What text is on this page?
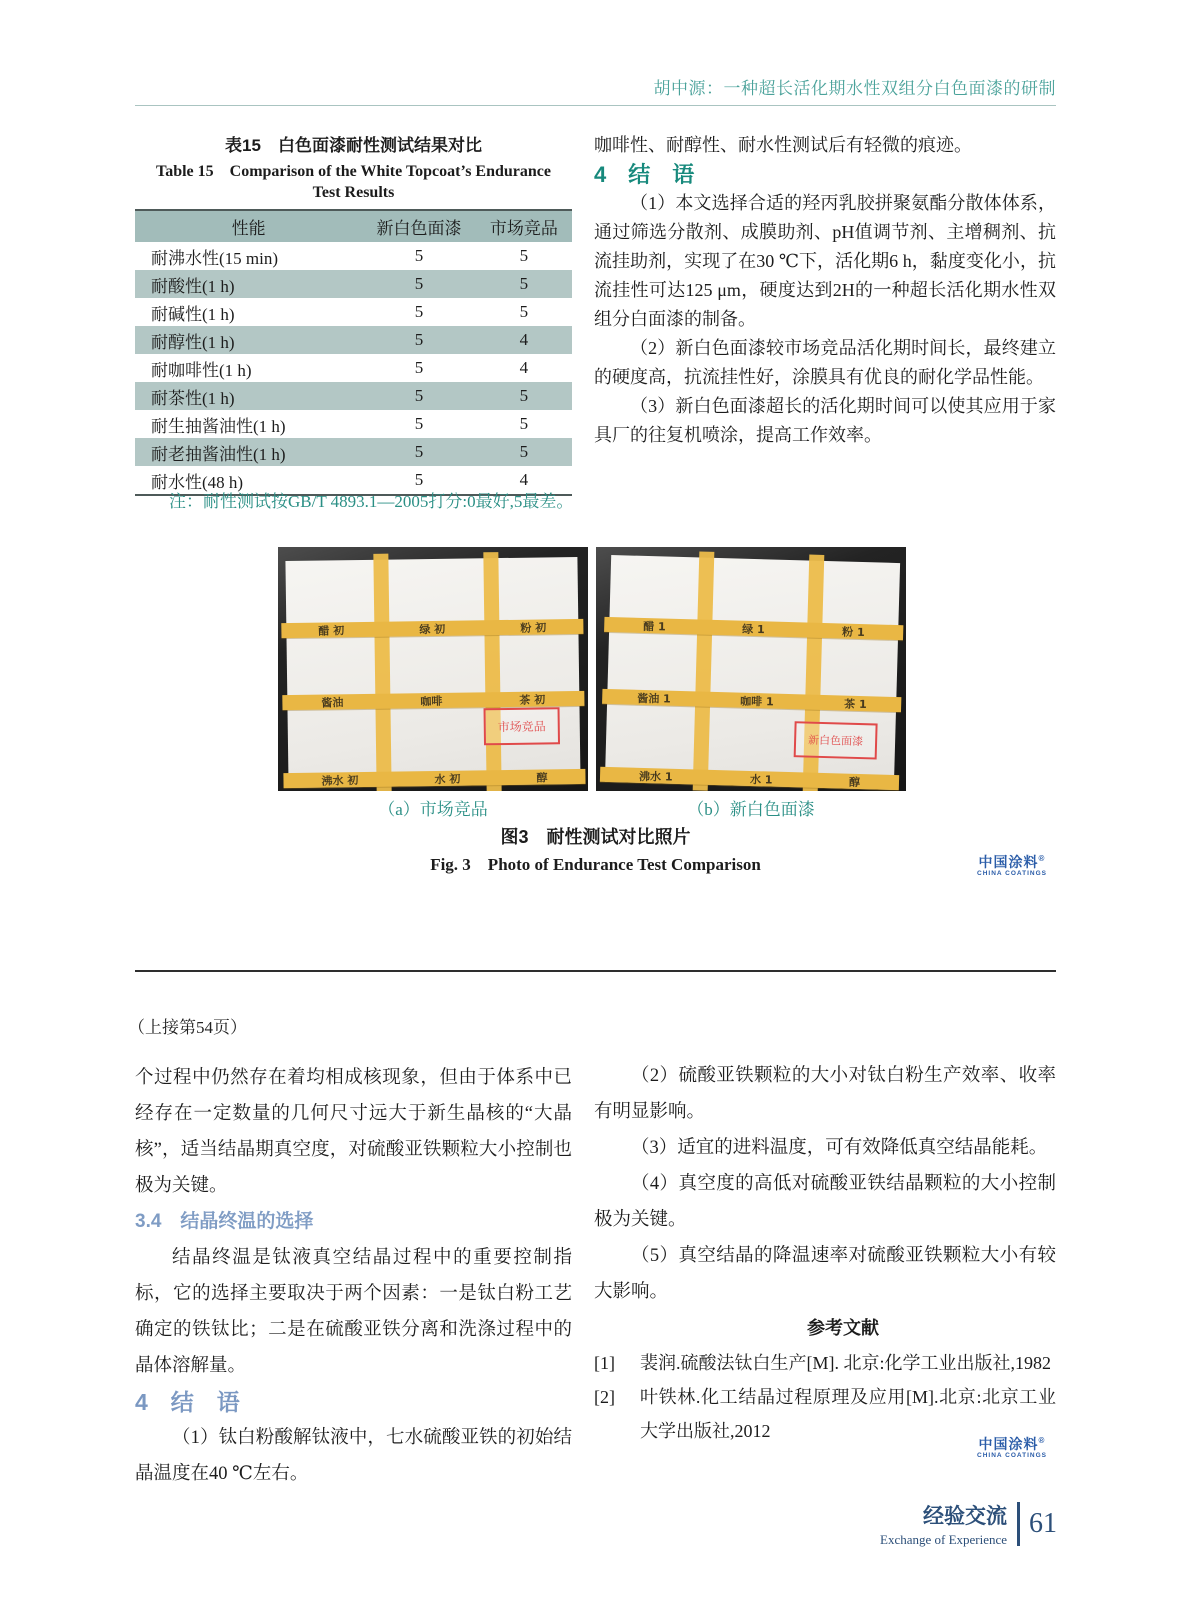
胡中源：一种超长活化期水性双组分白色面漆的研制
表15　白色面漆耐性测试结果对比
Table 15　Comparison of the White Topcoat’s Endurance
Test Results
性能	新白色面漆	市场竞品
耐沸水性(15 min)	5	5
耐酸性(1 h)	5	5
耐碱性(1 h)	5	5
耐醇性(1 h)	5	4
耐咖啡性(1 h)	5	4
耐茶性(1 h)	5	5
耐生抽酱油性(1 h)	5	5
耐老抽酱油性(1 h)	5	5
耐水性(48 h)	5	4
注：耐性测试按GB/T 4893.1—2005打分:0最好,5最差。

咖啡性、耐醇性、耐水性测试后有轻微的痕迹。

4　结　语

（1）本文选择合适的羟丙乳胶拼聚氨酯分散体体系，通过筛选分散剂、成膜助剂、pH值调节剂、主增稠剂、抗流挂助剂，实现了在30 ℃下，活化期6 h，黏度变化小，抗流挂性可达125 μm，硬度达到2H的一种超长活化期水性双组分白面漆的制备。

（2）新白色面漆较市场竞品活化期时间长，最终建立的硬度高，抗流挂性好，涂膜具有优良的耐化学品性能。

（3）新白色面漆超长的活化期时间可以使其应用于家具厂的往复机喷涂，提高工作效率。

醋 初	绿 初	粉 初
酱油	咖啡	茶 初
沸水 初	水 初	醇
市场竞品
醋 1	绿 1	粉 1
酱油 1	咖啡 1	茶 1
沸水 1	水 1	醇
新白色面漆
（a）市场竞品	（b）新白色面漆
图3　耐性测试对比照片
Fig. 3　Photo of Endurance Test Comparison	中国涂料®
CHINA COATINGS
（上接第54页）

个过程中仍然存在着均相成核现象，但由于体系中已经存在一定数量的几何尺寸远大于新生晶核的“大晶核”，适当结晶期真空度，对硫酸亚铁颗粒大小控制也极为关键。

3.4　结晶终温的选择

结晶终温是钛液真空结晶过程中的重要控制指标，它的选择主要取决于两个因素：一是钛白粉工艺确定的铁钛比；二是在硫酸亚铁分离和洗涤过程中的晶体溶解量。

4　结　语

（1）钛白粉酸解钛液中，七水硫酸亚铁的初始结晶温度在40 ℃左右。

（2）硫酸亚铁颗粒的大小对钛白粉生产效率、收率有明显影响。

（3）适宜的进料温度，可有效降低真空结晶能耗。

（4）真空度的高低对硫酸亚铁结晶颗粒的大小控制极为关键。

（5）真空结晶的降温速率对硫酸亚铁颗粒大小有较大影响。

参考文献

[1] 裴润.硫酸法钛白生产[M]. 北京:化学工业出版社,1982
[2] 叶铁林.化工结晶过程原理及应用[M].北京:北京工业大学出版社,2012
中国涂料®
CHINA COATINGS
经验交流
Exchange of Experience
61
